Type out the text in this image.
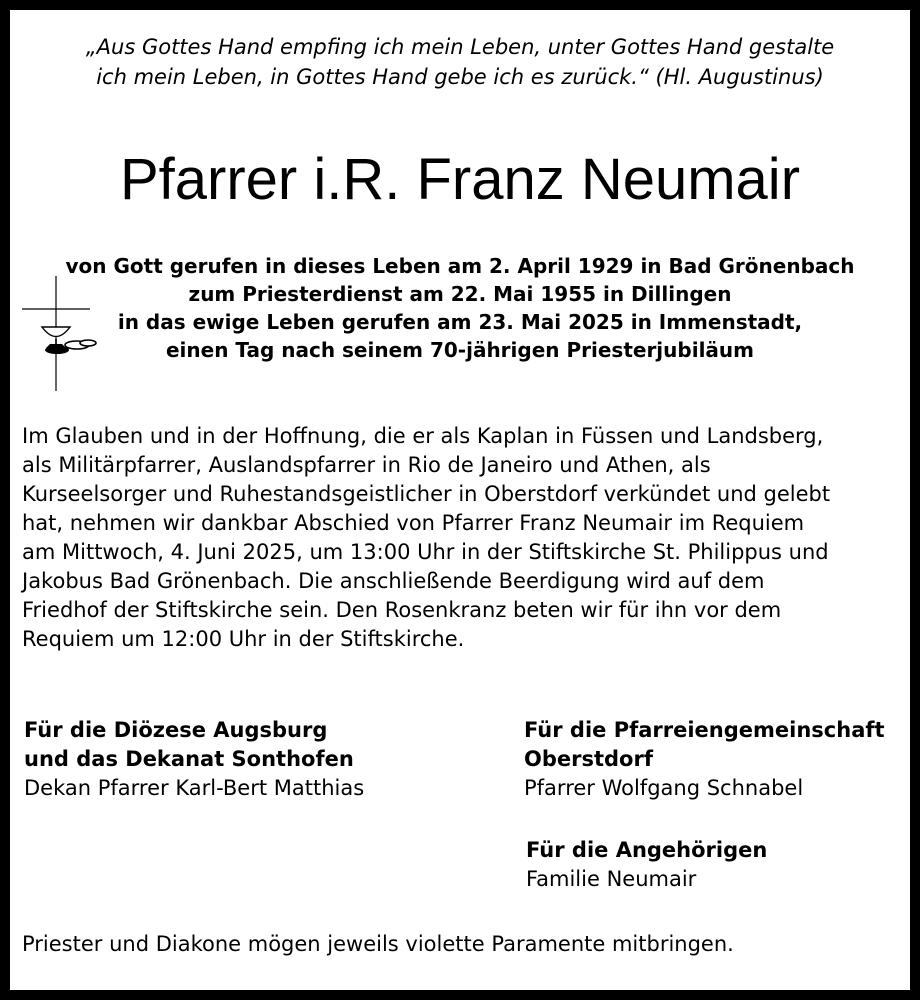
„Aus Gottes Hand empfing ich mein Leben, unter Gottes Hand gestalte
ich mein Leben, in Gottes Hand gebe ich es zurück.“ (Hl. Augustinus)
Pfarrer i.R. Franz Neumair
von Gott gerufen in dieses Leben am 2. April 1929 in Bad Grönenbach
zum Priesterdienst am 22. Mai 1955 in Dillingen
in das ewige Leben gerufen am 23. Mai 2025 in Immenstadt,
einen Tag nach seinem 70-jährigen Priesterjubiläum
Im Glauben und in der Hoffnung, die er als Kaplan in Füssen und Landsberg,
als Militärpfarrer, Auslandspfarrer in Rio de Janeiro und Athen, als
Kurseelsorger und Ruhestandsgeistlicher in Oberstdorf verkündet und gelebt
hat, nehmen wir dankbar Abschied von Pfarrer Franz Neumair im Requiem
am Mittwoch, 4. Juni 2025, um 13:00 Uhr in der Stiftskirche St. Philippus und
Jakobus Bad Grönenbach. Die anschließende Beerdigung wird auf dem
Friedhof der Stiftskirche sein. Den Rosenkranz beten wir für ihn vor dem
Requiem um 12:00 Uhr in der Stiftskirche.
Für die Diözese Augsburg
und das Dekanat Sonthofen
Dekan Pfarrer Karl-Bert Matthias
Für die Pfarreiengemeinschaft
Oberstdorf
Pfarrer Wolfgang Schnabel
Für die Angehörigen
Familie Neumair
Priester und Diakone mögen jeweils violette Paramente mitbringen.
